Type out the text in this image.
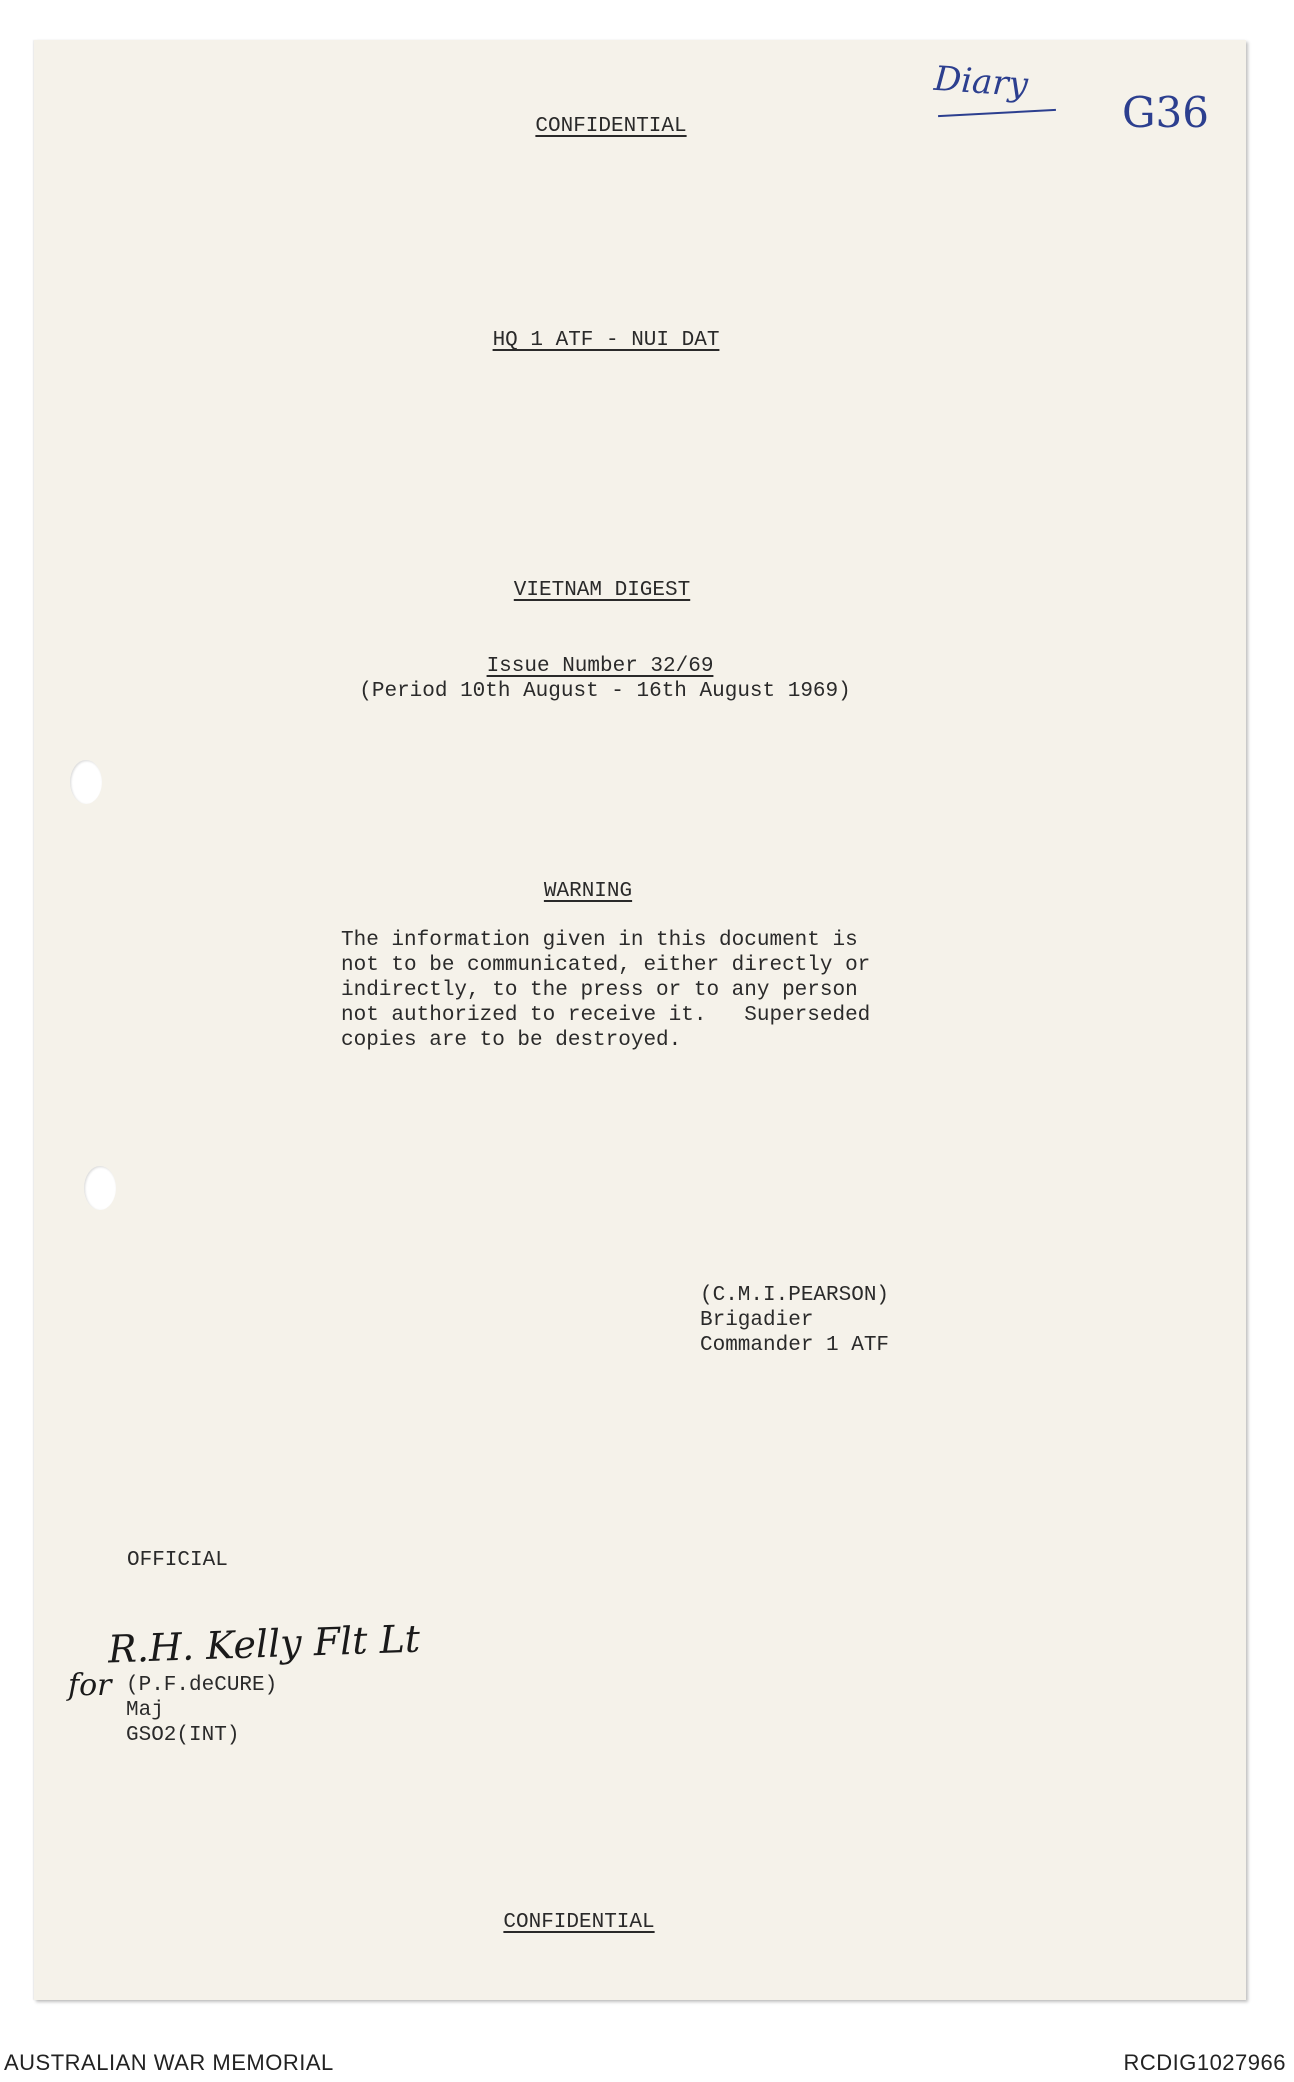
Diary
G36
CONFIDENTIAL
HQ 1 ATF - NUI DAT
VIETNAM DIGEST
Issue Number 32/69
(Period 10th August - 16th August 1969)
WARNING
The information given in this document is
not to be communicated, either directly or
indirectly, to the press or to any person
not authorized to receive it.   Superseded
copies are to be destroyed.
(C.M.I.PEARSON)
Brigadier
Commander 1 ATF
OFFICIAL
R.H. Kelly Flt Lt
for (P.F.deCURE)
Maj
GSO2(INT)
CONFIDENTIAL
AUSTRALIAN WAR MEMORIAL	RCDIG1027966
